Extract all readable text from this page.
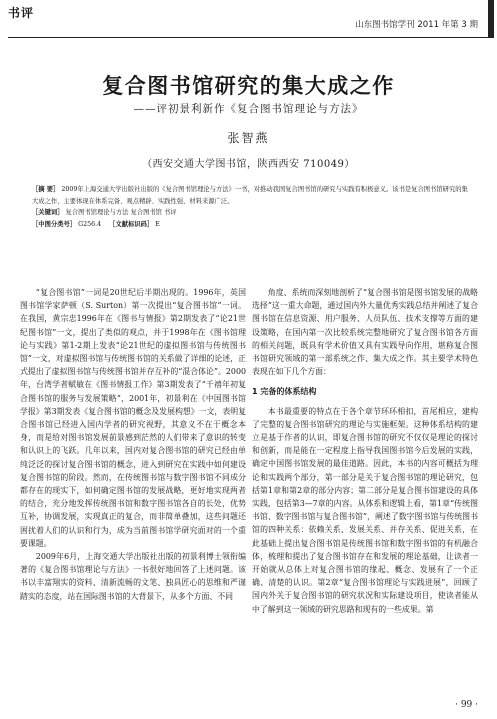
书评
山东图书馆学刊 2011 年第 3 期
复合图书馆研究的集大成之作
——评初景利新作《复合图书馆理论与方法》
张智燕
（西安交通大学图书馆，陕西西安 710049）
［摘 要］ 2009年上海交通大学出版社出版的《复合图书馆理论与方法》一书，对推动我国复合图书馆的研究与实践有积极意义。该书是复合图书馆研究的集大成之作，主要体现在体系完备、观点精辟、实践性强、材料来源广泛。
［关键词］ 复合图书馆理论与方法 复合图书馆 书评
［中图分类号］ G256.4 ［文献标识码］ E

“复合图书馆”一词是20世纪后半期出现的。1996年，英国图书馆学家萨顿（S. Surton）第一次提出“复合图书馆”一词。在我国，黄宗忠1996年在《图书与情报》第2期发表了“论21世纪图书馆”一文，提出了类似的观点，并于1998年在《图书馆理论与实践》第1-2期上发表“论21世纪的虚拟图书馆与传统图书馆”一文，对虚拟图书馆与传统图书馆的关系做了详细的论述，正式提出了虚拟图书馆与传统图书馆并存互补的“混合体论”。2000年，台湾学者赋敏在《图书情报工作》第3期发表了“千禧年初复合图书馆的服务与发展策略”，2001年，初景利在《中国图书馆学报》第3期发表《复合图书馆的概念及发展构想》一文，表明复合图书馆已经进入国内学者的研究视野，其意义不在于概念本身，而是给对图书馆发展前景感到茫然的人们带来了意识的转变和认识上的飞跃。几年以来，国内对复合图书馆的研究已经由单纯泛泛的探讨复合图书馆的概念，进入到研究在实践中如何建设复合图书馆的阶段。然而，在传统图书馆与数字图书馆不同成分都存在的现实下，如何确定图书馆的发展战略，更好地实现两者的结合，充分地发挥传统图书馆和数字图书馆各自的长处，优势互补，协调发展，实现真正的复合，而非简单叠加，这些问题还困扰着人们的认识和行为，成为当前图书馆学研究面对的一个重要课题。

2009年6月，上海交通大学出版社出版的初景利博士领衔编著的《复合图书馆理论与方法》一书很好地回答了上述问题。该书以丰富翔实的资料、清新流畅的文笔、独具匠心的思维和严谨踏实的态度，站在国际图书馆的大背景下，从多个方面、不同

角度、系统而深刻地剖析了“复合图书馆是图书馆发展的战略选择”这一重大命题，通过国内外大量优秀实践总结并阐述了复合图书馆在信息资源、用户服务、人员队伍、技术支撑等方面的建设策略，在国内第一次比较系统完整地研究了复合图书馆各方面的相关问题，既具有学术价值又具有实践导向作用，堪称复合图书馆研究领域的第一部系统之作、集大成之作。其主要学术特色表现在如下几个方面：

1 完备的体系结构

本书最重要的特点在于各个章节环环相扣，首尾相应，建构了完整的复合图书馆研究的理论与实施框架。这种体系结构的建立是基于作者的认识，即复合图书馆的研究不仅仅是理论的探讨和创新，而是能在一定程度上指导我国图书馆今后发展的实践，确定中国图书馆发展的最佳道路。因此，本书的内容可概括为理论和实践两个部分，第一部分是关于复合图书馆的理论研究，包括第1章和第2章的部分内容；第二部分是复合图书馆建设的具体实践，包括第3—7章的内容。从体系和逻辑上看，第1章“传统图书馆、数字图书馆与复合图书馆”，阐述了数字图书馆与传统图书馆的四种关系：依赖关系、发展关系、并存关系、促进关系，在此基础上提出复合图书馆是传统图书馆和数字图书馆的有机融合体，梳理和提出了复合图书馆存在和发展的理论基础，让读者一开始就从总体上对复合图书馆的缘起、概念、发展有了一个正确、清楚的认识。第2章“复合图书馆理论与实践进展”，回顾了国内外关于复合图书馆的研究状况和实际建设项目，使读者能从中了解到这一领域的研究思路和现有的一些成果。第

· 99 ·
